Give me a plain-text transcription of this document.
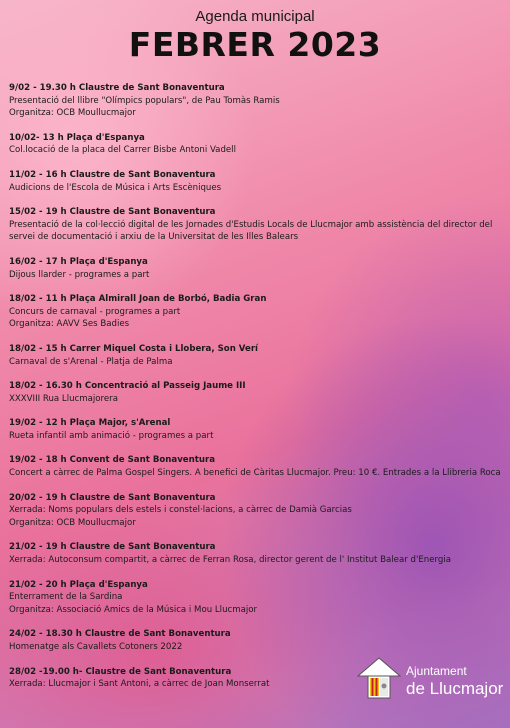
Agenda municipal
FEBRER 2023
9/02 - 19.30 h Claustre de Sant Bonaventura
Presentació del llibre "Olímpics populars", de Pau Tomàs Ramis
Organitza: OCB Moullucmajor
10/02- 13 h Plaça d'Espanya
Col.locació de la placa del Carrer Bisbe Antoni Vadell
11/02 - 16 h Claustre de Sant Bonaventura
Audicions de l'Escola de Música i Arts Escèniques
15/02 - 19 h Claustre de Sant Bonaventura
Presentació de la col·lecció digital de les Jornades d'Estudis Locals de Llucmajor amb assistència del director del servei de documentació i arxiu de la Universitat de les Illes Balears
16/02 - 17 h Plaça d'Espanya
Dijous llarder - programes a part
18/02 - 11 h Plaça Almirall Joan de Borbó, Badia Gran
Concurs de carnaval - programes a part
Organitza: AAVV Ses Badies
18/02 - 15 h Carrer Miquel Costa i Llobera, Son Verí
Carnaval de s'Arenal - Platja de Palma
18/02 - 16.30 h Concentració al Passeig Jaume III
XXXVIII Rua Llucmajorera
19/02 - 12 h Plaça Major, s'Arenal
Rueta infantil amb animació - programes a part
19/02 - 18 h Convent de Sant Bonaventura
Concert a càrrec de Palma Gospel Singers. A benefici de Càritas Llucmajor. Preu: 10 €. Entrades a la Llibreria Roca
20/02 - 19 h Claustre de Sant Bonaventura
Xerrada: Noms populars dels estels i constel·lacions, a càrrec de Damià Garcias
Organitza: OCB Moullucmajor
21/02 - 19 h Claustre de Sant Bonaventura
Xerrada: Autoconsum compartit, a càrrec de Ferran Rosa, director gerent de l' Institut Balear d'Energia
21/02 - 20 h Plaça d'Espanya
Enterrament de la Sardina
Organitza: Associació Amics de la Música i Mou Llucmajor
24/02 - 18.30 h Claustre de Sant Bonaventura
Homenatge als Cavallets Cotoners 2022
28/02 -19.00 h- Claustre de Sant Bonaventura
Xerrada: Llucmajor i Sant Antoni, a càrrec de Joan Monserrat
Ajuntament
de Llucmajor
